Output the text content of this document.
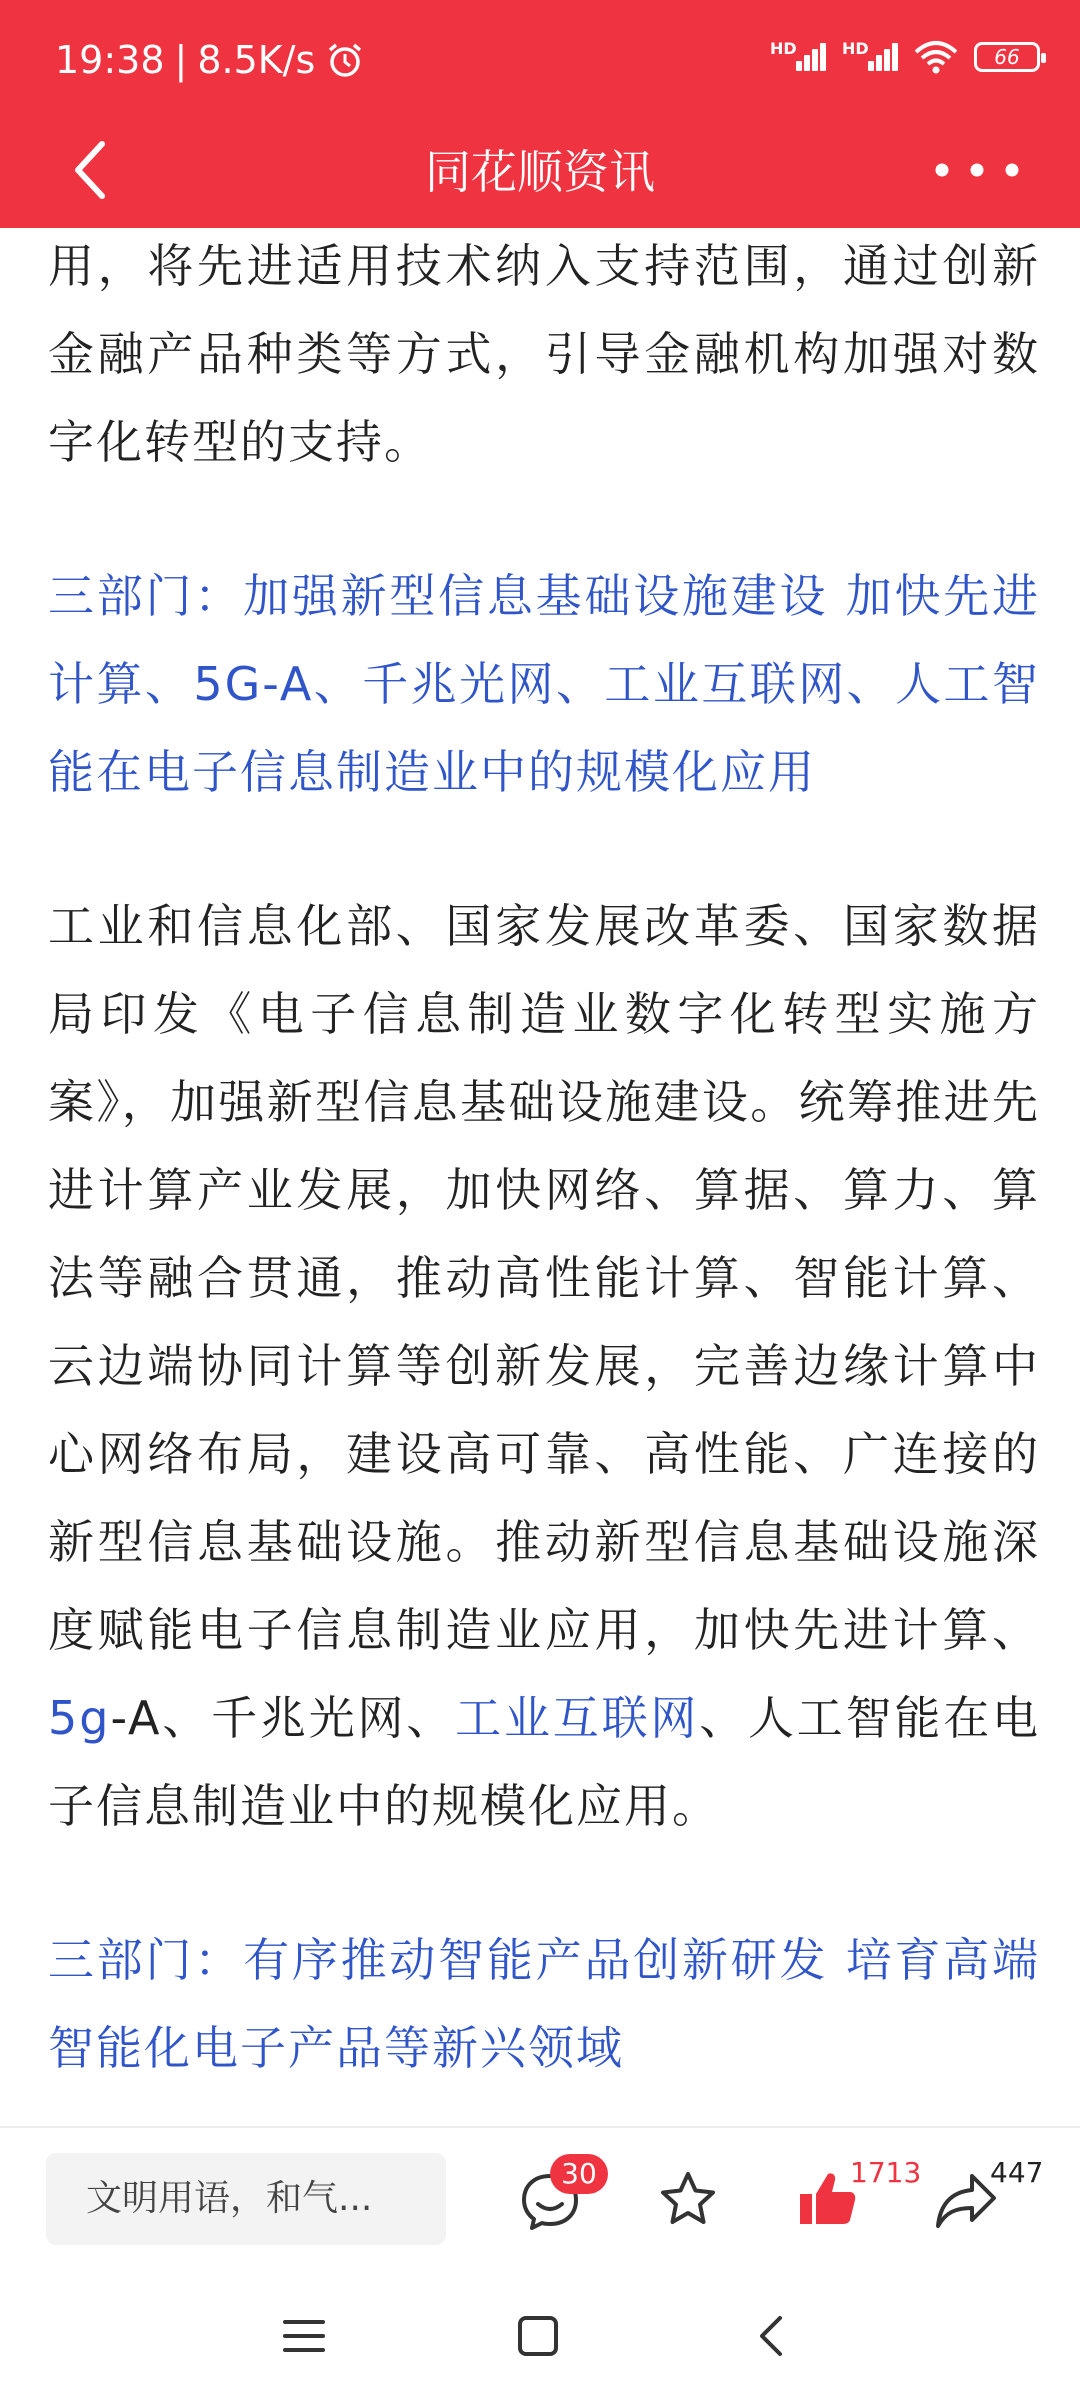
19:38 | 8.5K/s	HD	HD	66
同花顺资讯

用，将先进适用技术纳入支持范围，通过创新金融产品种类等方式，引导金融机构加强对数字化转型的支持。

三部门：加强新型信息基础设施建设 加快先进计算、5G-A、千兆光网、工业互联网、人工智能在电子信息制造业中的规模化应用

工业和信息化部、国家发展改革委、国家数据局印发《电子信息制造业数字化转型实施方案》，加强新型信息基础设施建设。统筹推进先进计算产业发展，加快网络、算据、算力、算法等融合贯通，推动高性能计算、智能计算、云边端协同计算等创新发展，完善边缘计算中心网络布局，建设高可靠、高性能、广连接的新型信息基础设施。推动新型信息基础设施深度赋能电子信息制造业应用，加快先进计算、5g-A、千兆光网、工业互联网、人工智能在电子信息制造业中的规模化应用。

三部门：有序推动智能产品创新研发 培育高端智能化电子产品等新兴领域

文明用语，和气...
30	1713 447
